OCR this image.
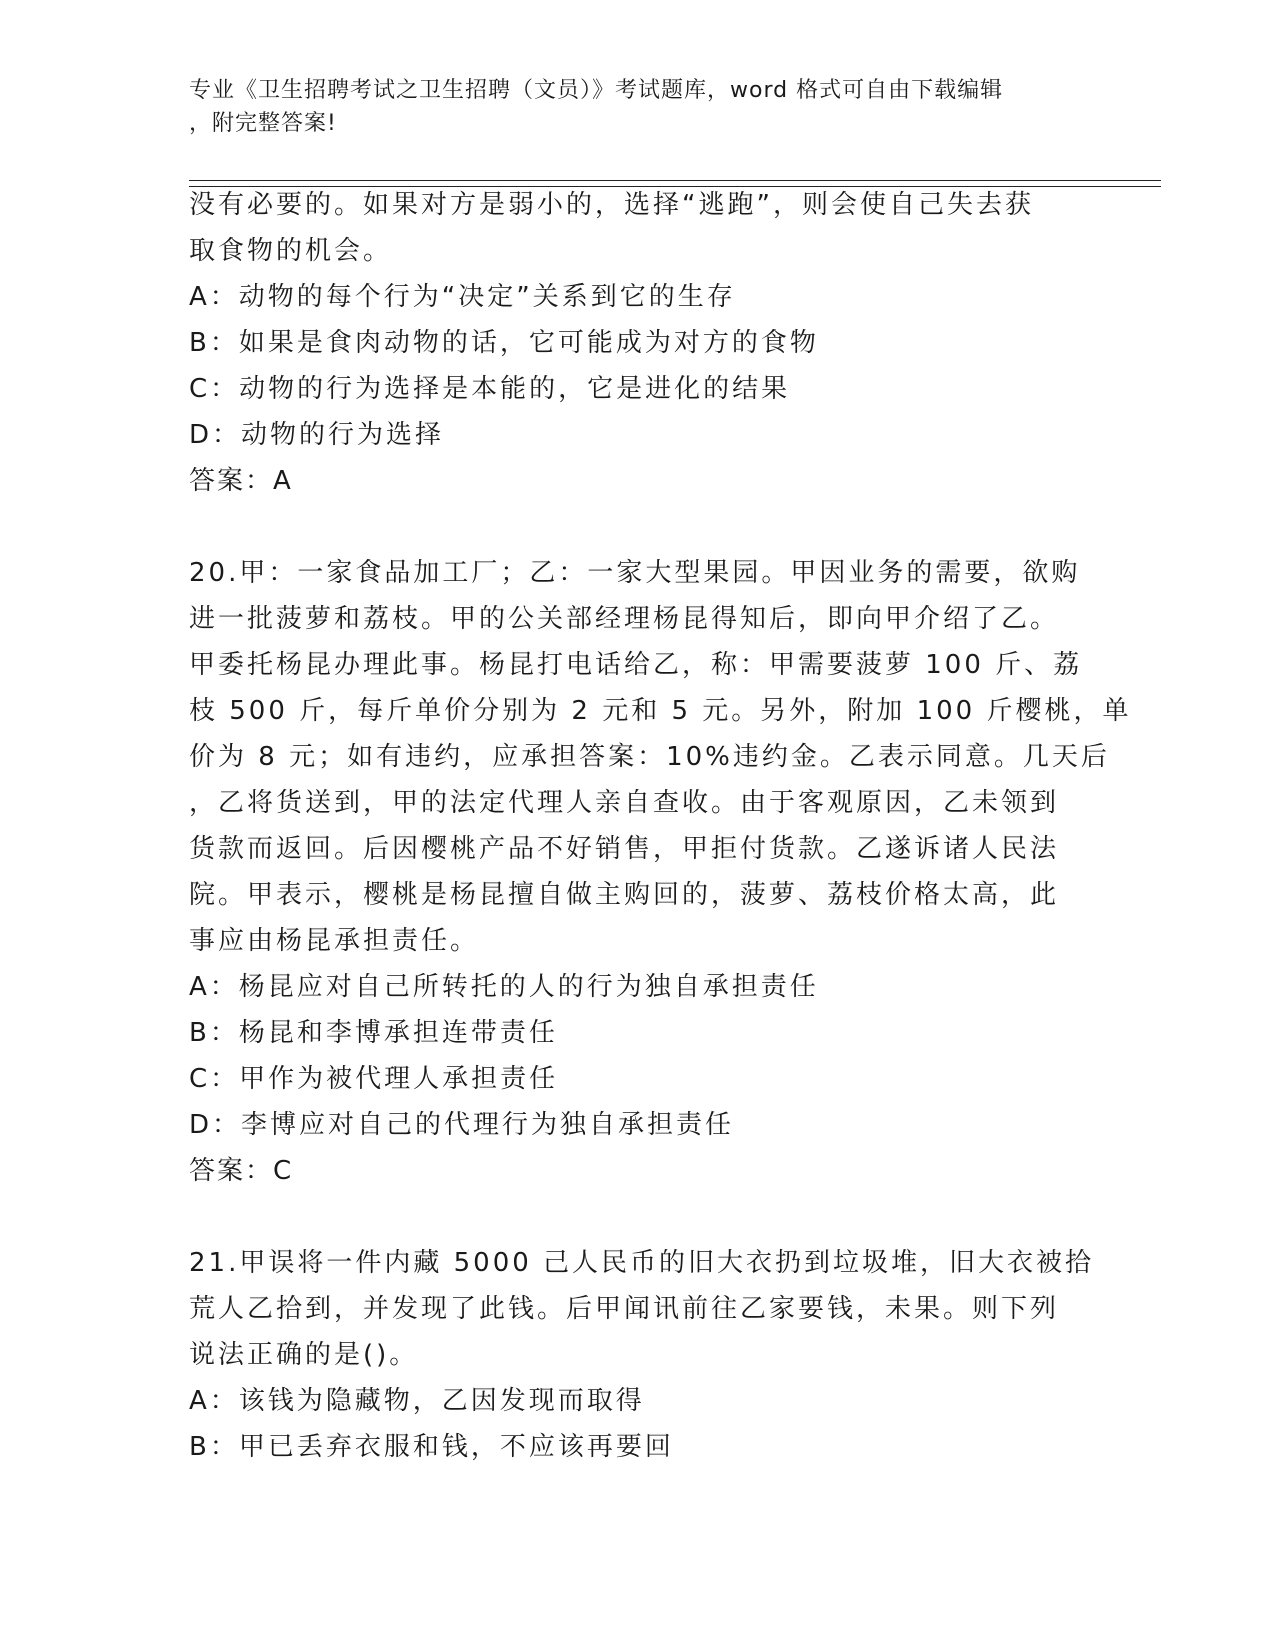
专业《卫生招聘考试之卫生招聘（文员）》考试题库，word 格式可自由下载编辑
，附完整答案!
没有必要的。如果对方是弱小的，选择“逃跑”，则会使自己失去获
取食物的机会。
A：动物的每个行为“决定”关系到它的生存
B：如果是食肉动物的话，它可能成为对方的食物
C：动物的行为选择是本能的，它是进化的结果
D：动物的行为选择
答案：A
20.甲：一家食品加工厂；乙：一家大型果园。甲因业务的需要，欲购
进一批菠萝和荔枝。甲的公关部经理杨昆得知后，即向甲介绍了乙。
甲委托杨昆办理此事。杨昆打电话给乙，称：甲需要菠萝 100 斤、荔
枝 500 斤，每斤单价分别为 2 元和 5 元。另外，附加 100 斤樱桃，单
价为 8 元；如有违约，应承担答案：10%违约金。乙表示同意。几天后
，乙将货送到，甲的法定代理人亲自查收。由于客观原因，乙未领到
货款而返回。后因樱桃产品不好销售，甲拒付货款。乙遂诉诸人民法
院。甲表示，樱桃是杨昆擅自做主购回的，菠萝、荔枝价格太高，此
事应由杨昆承担责任。
A：杨昆应对自己所转托的人的行为独自承担责任
B：杨昆和李博承担连带责任
C：甲作为被代理人承担责任
D：李博应对自己的代理行为独自承担责任
答案：C
21.甲误将一件内藏 5000 己人民币的旧大衣扔到垃圾堆，旧大衣被拾
荒人乙拾到，并发现了此钱。后甲闻讯前往乙家要钱，未果。则下列
说法正确的是()。
A：该钱为隐藏物，乙因发现而取得
B：甲已丢弃衣服和钱，不应该再要回
